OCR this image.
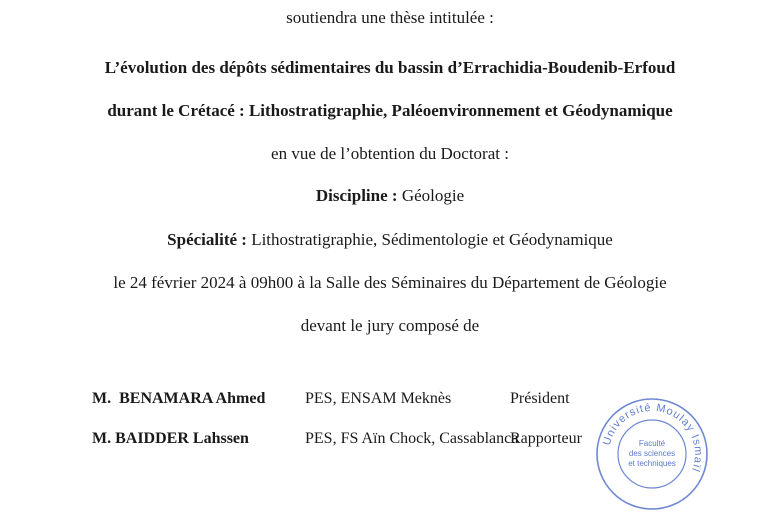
soutiendra une thèse intitulée :
L’évolution des dépôts sédimentaires du bassin d’Errachidia-Boudenib-Erfoud
durant le Crétacé : Lithostratigraphie, Paléoenvironnement et Géodynamique
en vue de l’obtention du Doctorat :
Discipline : Géologie
Spécialité : Lithostratigraphie, Sédimentologie et Géodynamique
le 24 février 2024 à 09h00 à la Salle des Séminaires du Département de Géologie
devant le jury composé de
M.  BENAMARA Ahmed PES, ENSAM Meknès	Président
M. BAIDDER Lahssen	PES, FS Aïn Chock, Cassablanca
Rapporteur Université Moulay Ismaïl
Faculté
des sciences
et techniques
